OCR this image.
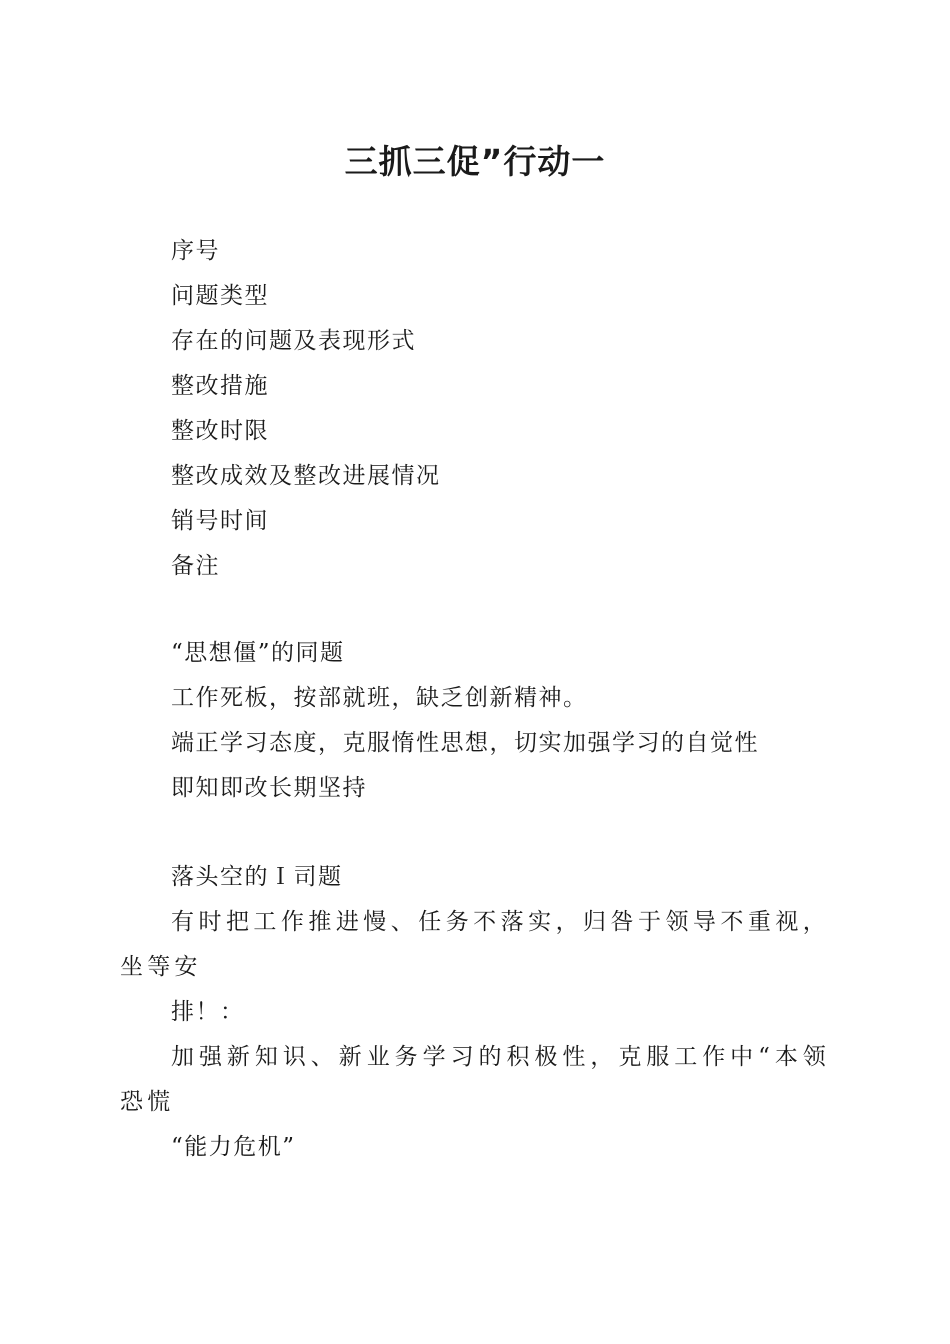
三抓三促”行动一
序号
问题类型
存在的问题及表现形式
整改措施
整改时限
整改成效及整改进展情况
销号时间
备注
“思想僵”的同题
工作死板，按部就班，缺乏创新精神。
端正学习态度，克服惰性思想，切实加强学习的自觉性
即知即改长期坚持
落头空的Ｉ司题

有时把工作推进慢、任务不落实，归咎于领导不重视，坐等安

排！：

加强新知识、新业务学习的积极性，克服工作中“本领恐慌

“能力危机”
